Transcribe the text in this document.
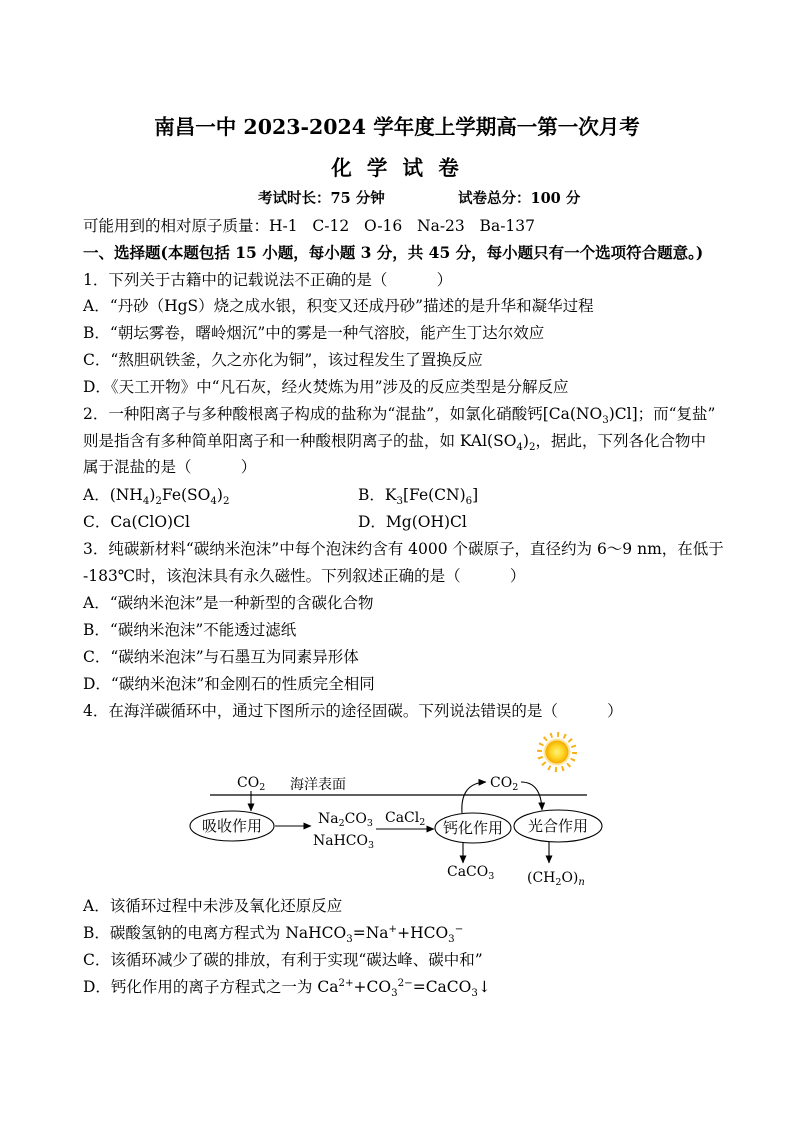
南昌一中 2023-2024 学年度上学期高一第一次月考
化 学 试 卷
考试时长：75 分钟	试卷总分：100 分
可能用到的相对原子质量：H-1   C-12   O-16   Na-23   Ba-137
一、选择题(本题包括 15 小题，每小题 3 分，共 45 分，每小题只有一个选项符合题意。)
1．下列关于古籍中的记载说法不正确的是（          ）
A．“丹砂（HgS）烧之成水银，积变又还成丹砂”描述的是升华和凝华过程
B．“朝坛雾卷，曙岭烟沉”中的雾是一种气溶胶，能产生丁达尔效应
C．“熬胆矾铁釜，久之亦化为铜”，该过程发生了置换反应
D．《天工开物》中“凡石灰，经火焚炼为用”涉及的反应类型是分解反应
2．一种阳离子与多种酸根离子构成的盐称为“混盐”，如氯化硝酸钙$[Ca(NO_3)Cl]$；而“复盐”
则是指含有多种简单阳离子和一种酸根阴离子的盐，如 $KAl(SO_4)_2$，据此，下列各化合物中
属于混盐的是（          ）
A．$(NH_4)_2Fe(SO_4)_2$	B．$K_3[Fe(CN)_6]$
C．Ca(ClO)Cl	D．Mg(OH)Cl
3．纯碳新材料“碳纳米泡沫”中每个泡沫约含有 4000 个碳原子，直径约为 6～9 nm，在低于
-183℃时，该泡沫具有永久磁性。下列叙述正确的是（          ）
A．“碳纳米泡沫”是一种新型的含碳化合物
B．“碳纳米泡沫”不能透过滤纸
C．“碳纳米泡沫”与石墨互为同素异形体
D．“碳纳米泡沫”和金刚石的性质完全相同
4．在海洋碳循环中，通过下图所示的途径固碳。下列说法错误的是（          ）
$CO_2$ 海洋表面
吸收作用	$Na_2CO_3$
NaHCO$_3$
CaCl$_2$ 钙化作用 光合作用
$CO_2$
CaCO$_3$ $(CH_2O)_n$
A．该循环过程中未涉及氧化还原反应
B．碳酸氢钠的电离方程式为 $NaHCO_3=Na^++HCO_3^-$
C．该循环减少了碳的排放，有利于实现“碳达峰、碳中和”
D．钙化作用的离子方程式之一为 $Ca^{2+}+CO_3^{2-}=CaCO_3↓$
